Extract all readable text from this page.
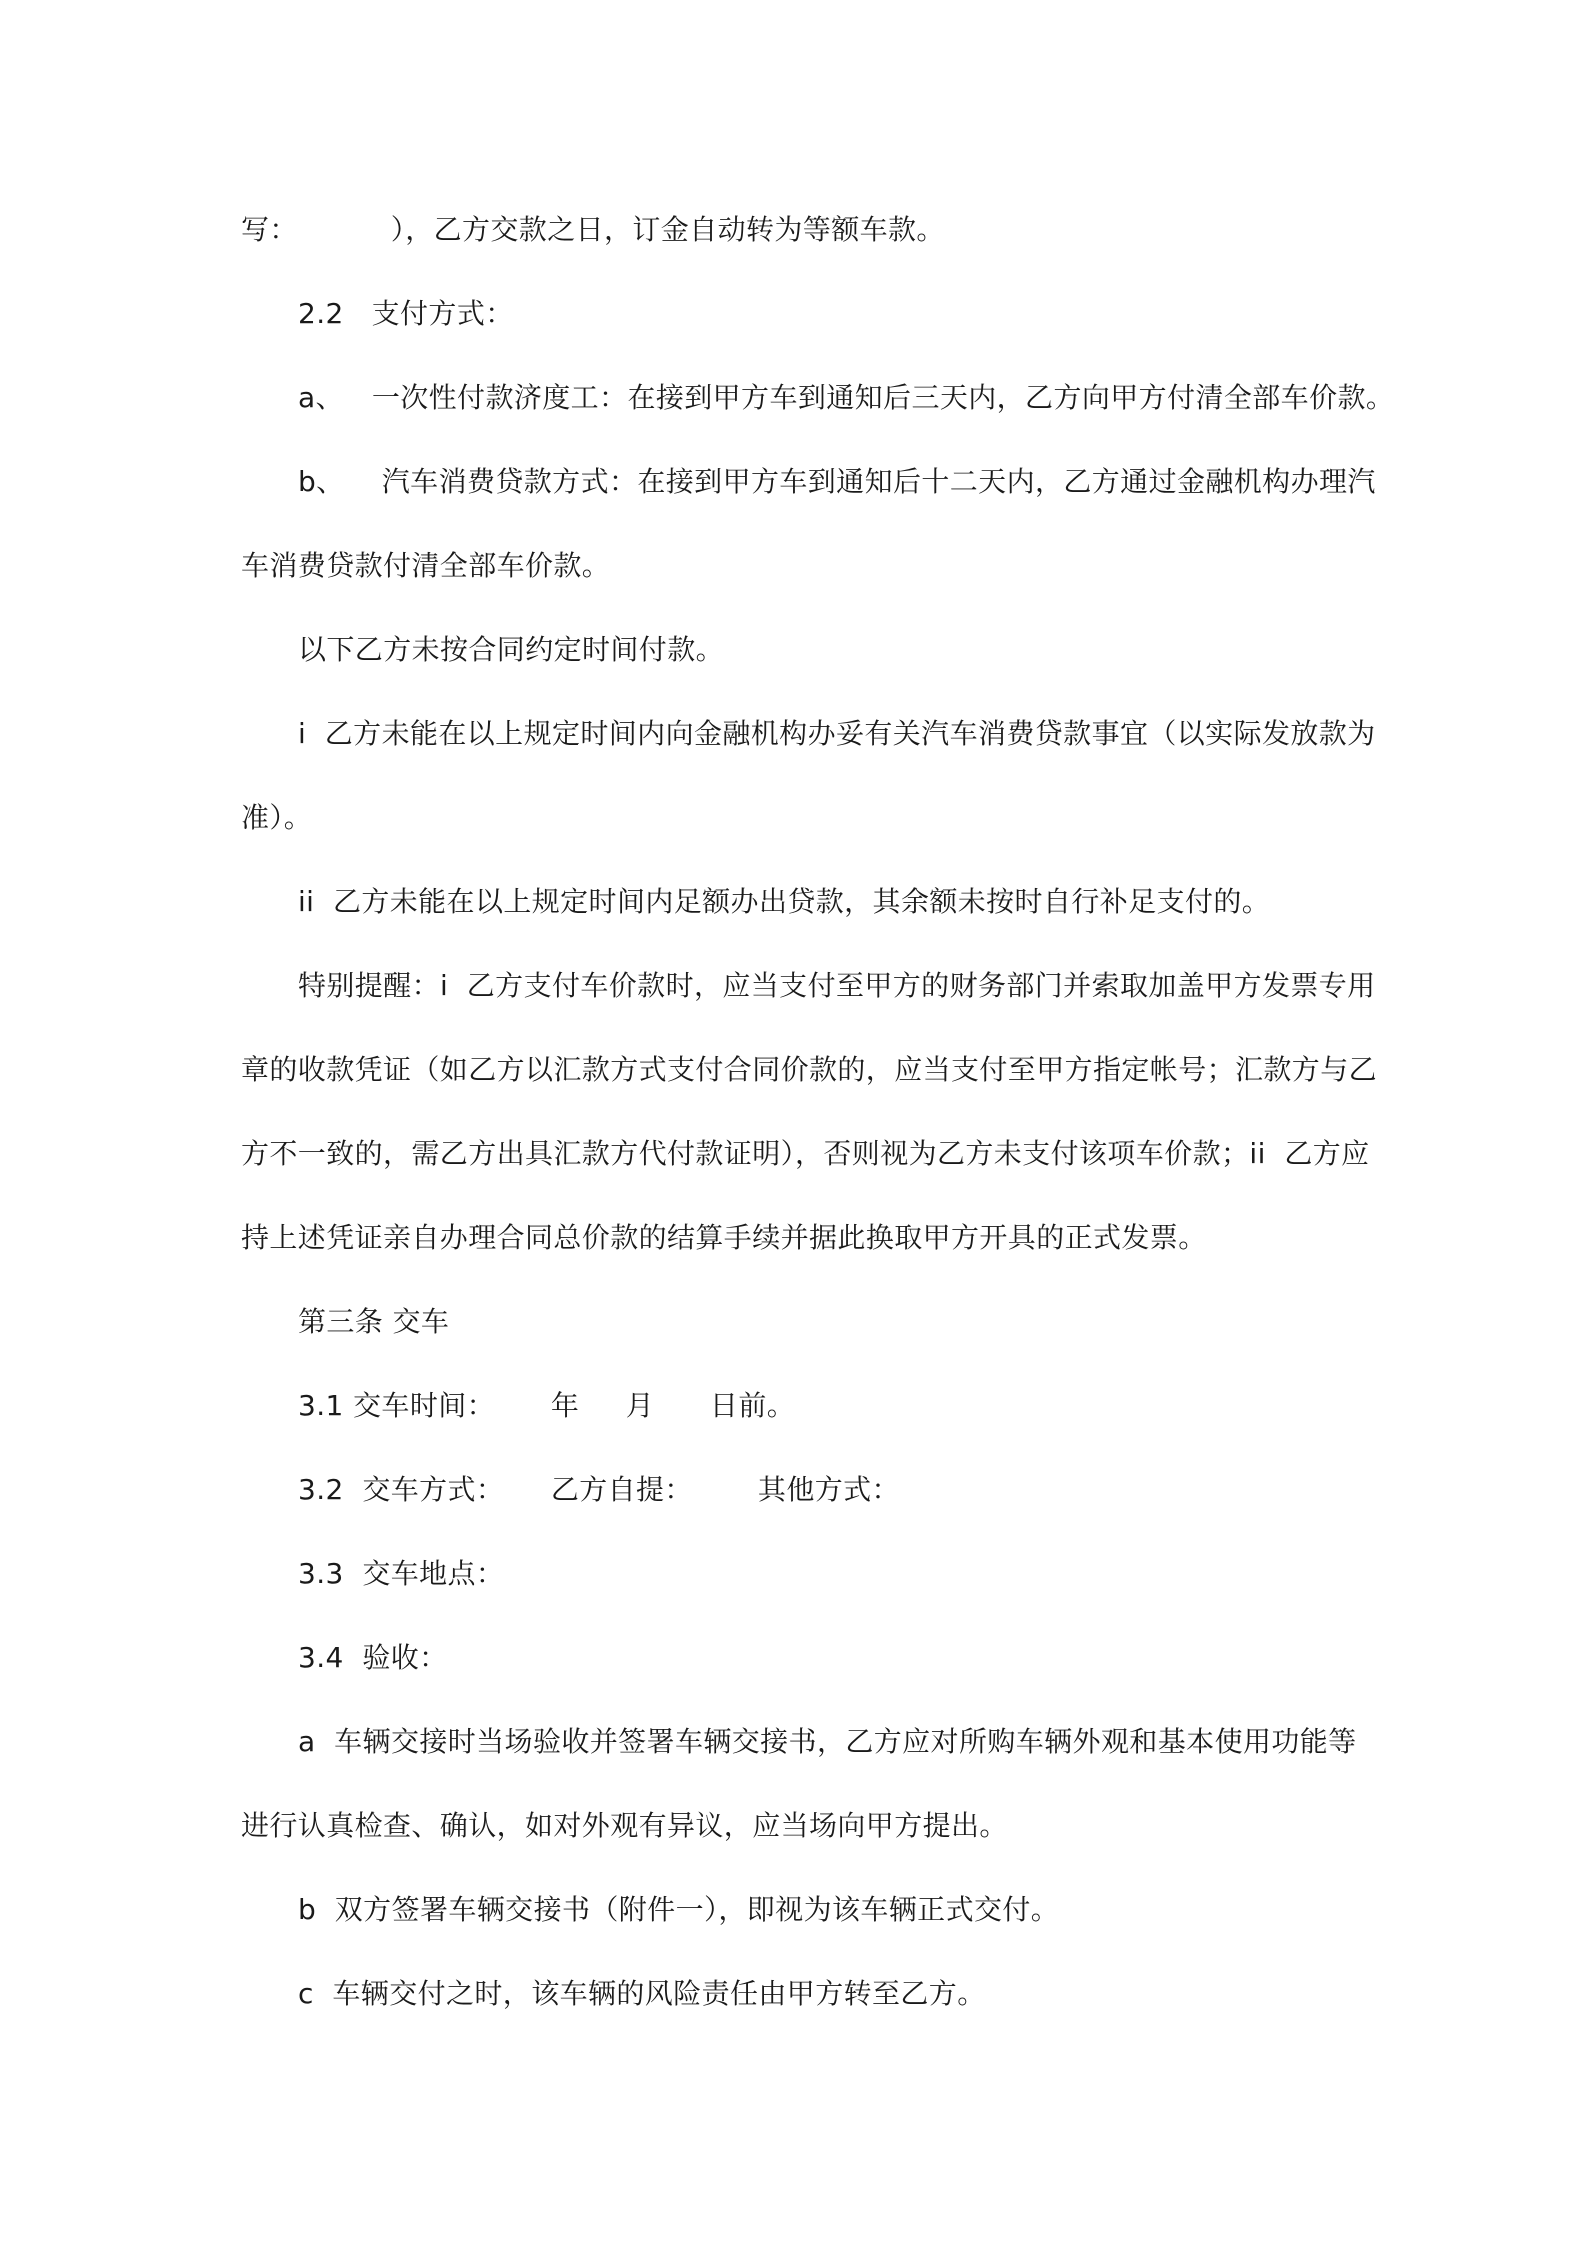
写：          ），乙方交款之日，订金自动转为等额车款。
2.2   支付方式：
a、   一次性付款济度工：在接到甲方车到通知后三天内，乙方向甲方付清全部车价款。
b、    汽车消费贷款方式：在接到甲方车到通知后十二天内，乙方通过金融机构办理汽
车消费贷款付清全部车价款。
以下乙方未按合同约定时间付款。
i  乙方未能在以上规定时间内向金融机构办妥有关汽车消费贷款事宜（以实际发放款为
准）。
ii  乙方未能在以上规定时间内足额办出贷款，其余额未按时自行补足支付的。
特别提醒：i  乙方支付车价款时，应当支付至甲方的财务部门并索取加盖甲方发票专用
章的收款凭证（如乙方以汇款方式支付合同价款的，应当支付至甲方指定帐号；汇款方与乙
方不一致的，需乙方出具汇款方代付款证明），否则视为乙方未支付该项车价款；ii  乙方应
持上述凭证亲自办理合同总价款的结算手续并据此换取甲方开具的正式发票。
第三条 交车
3.1 交车时间：      年     月      日前。
3.2  交车方式：     乙方自提：       其他方式：
3.3  交车地点：
3.4  验收：
a  车辆交接时当场验收并签署车辆交接书，乙方应对所购车辆外观和基本使用功能等
进行认真检查、确认，如对外观有异议，应当场向甲方提出。
b  双方签署车辆交接书（附件一），即视为该车辆正式交付。
c  车辆交付之时，该车辆的风险责任由甲方转至乙方。
